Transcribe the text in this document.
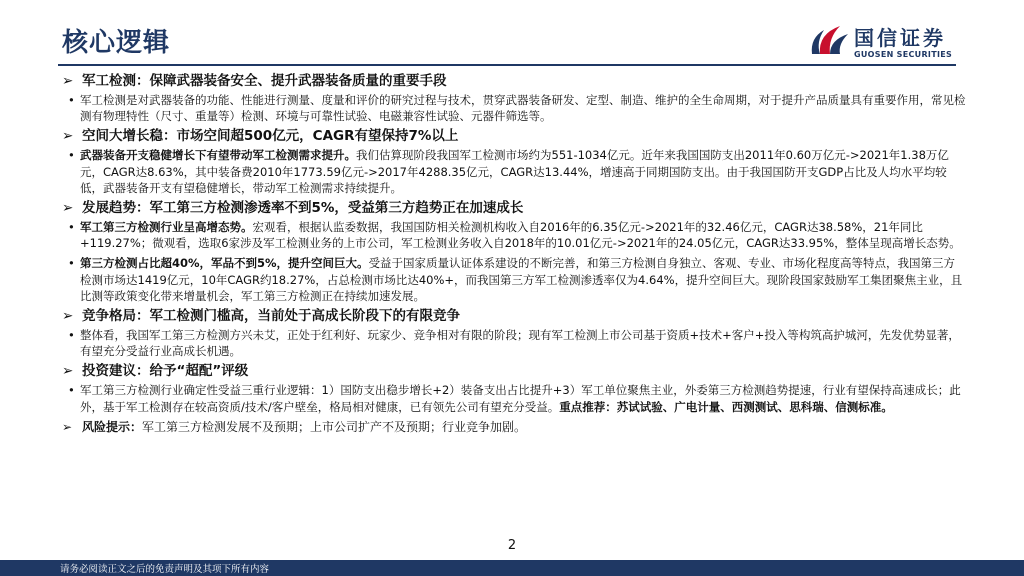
核心逻辑	国信证券
GUOSEN SECURITIES
➢ 军工检测：保障武器装备安全、提升武器装备质量的重要手段
• 军工检测是对武器装备的功能、性能进行测量、度量和评价的研究过程与技术，贯穿武器装备研发、定型、制造、维护的全生命周期，对于提升产品质量具有重要作用，常见检测有物理特性（尺寸、重量等）检测、环境与可靠性试验、电磁兼容性试验、元器件筛选等。
➢ 空间大增长稳：市场空间超500亿元，CAGR有望保持7%以上
• 武器装备开支稳健增长下有望带动军工检测需求提升。我们估算现阶段我国军工检测市场约为551-1034亿元。近年来我国国防支出2011年0.60万亿元->2021年1.38万亿元，CAGR达8.63%，其中装备费2010年1773.59亿元->2017年4288.35亿元，CAGR达13.44%，增速高于同期国防支出。由于我国国防开支GDP占比及人均水平均较低，武器装备开支有望稳健增长，带动军工检测需求持续提升。
➢ 发展趋势：军工第三方检测渗透率不到5%，受益第三方趋势正在加速成长
• 军工第三方检测行业呈高增态势。宏观看，根据认监委数据，我国国防相关检测机构收入自2016年的6.35亿元->2021年的32.46亿元，CAGR达38.58%，21年同比+119.27%；微观看，选取6家涉及军工检测业务的上市公司，军工检测业务收入自2018年的10.01亿元->2021年的24.05亿元，CAGR达33.95%，整体呈现高增长态势。
• 第三方检测占比超40%，军品不到5%，提升空间巨大。受益于国家质量认证体系建设的不断完善，和第三方检测自身独立、客观、专业、市场化程度高等特点，我国第三方检测市场达1419亿元，10年CAGR约18.27%，占总检测市场比达40%+，而我国第三方军工检测渗透率仅为4.64%，提升空间巨大。现阶段国家鼓励军工集团聚焦主业，且比测等政策变化带来增量机会，军工第三方检测正在持续加速发展。
➢ 竞争格局：军工检测门槛高，当前处于高成长阶段下的有限竞争
• 整体看，我国军工第三方检测方兴未艾，正处于红利好、玩家少、竞争相对有限的阶段；现有军工检测上市公司基于资质+技术+客户+投入等构筑高护城河，先发优势显著，有望充分受益行业高成长机遇。
➢ 投资建议：给予“超配”评级
• 军工第三方检测行业确定性受益三重行业逻辑：1）国防支出稳步增长+2）装备支出占比提升+3）军工单位聚焦主业，外委第三方检测趋势提速，行业有望保持高速成长；此外，基于军工检测存在较高资质/技术/客户壁垒，格局相对健康，已有领先公司有望充分受益。重点推荐：苏试试验、广电计量、西测测试、思科瑞、信测标准。
➢ 风险提示：军工第三方检测发展不及预期；上市公司扩产不及预期；行业竞争加剧。
2
请务必阅读正文之后的免责声明及其项下所有内容
